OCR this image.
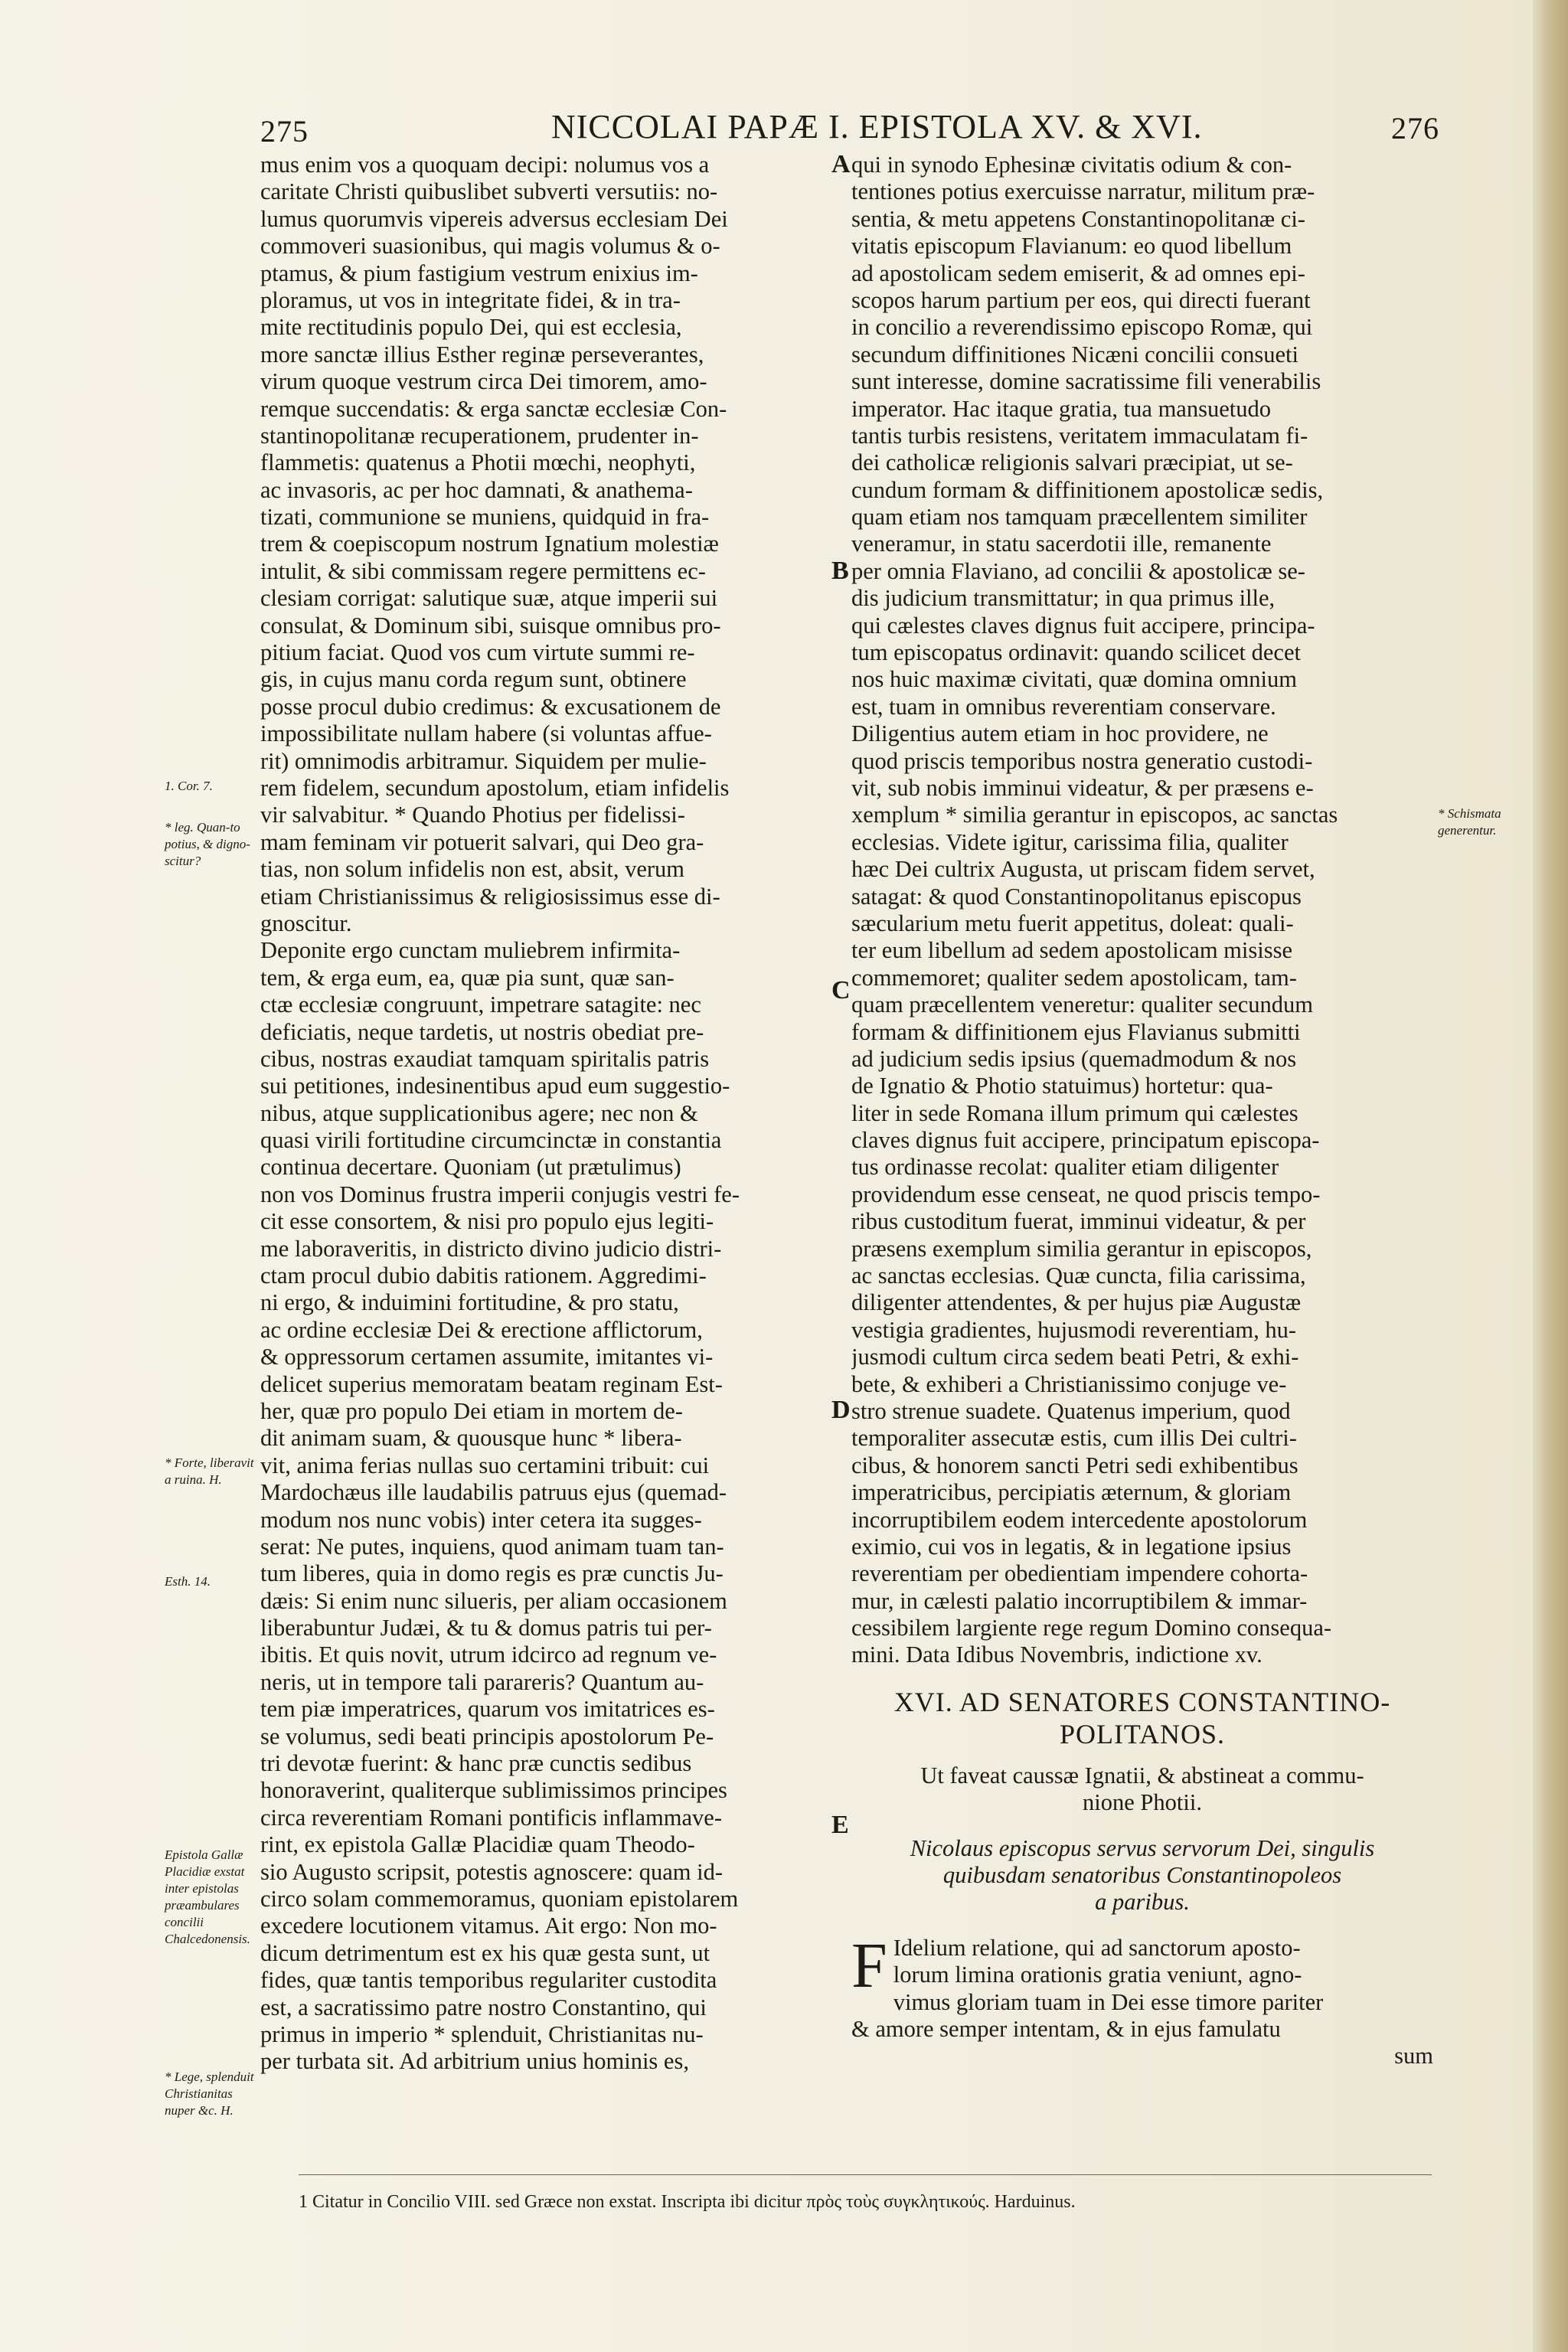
275	NICCOLAI PAPÆ I. EPISTOLA XV. & XVI.	276
mus enim vos a quoquam decipi: nolumus vos a
caritate Christi quibuslibet subverti versutiis: no-
lumus quorumvis vipereis adversus ecclesiam Dei
commoveri suasionibus, qui magis volumus & o-
ptamus, & pium fastigium vestrum enixius im-
ploramus, ut vos in integritate fidei, & in tra-
mite rectitudinis populo Dei, qui est ecclesia,
more sanctæ illius Esther reginæ perseverantes,
virum quoque vestrum circa Dei timorem, amo-
remque succendatis: & erga sanctæ ecclesiæ Con-
stantinopolitanæ recuperationem, prudenter in-
flammetis: quatenus a Photii mœchi, neophyti,
ac invasoris, ac per hoc damnati, & anathema-
tizati, communione se muniens, quidquid in fra-
trem & coepiscopum nostrum Ignatium molestiæ
intulit, & sibi commissam regere permittens ec-
clesiam corrigat: salutique suæ, atque imperii sui
consulat, & Dominum sibi, suisque omnibus pro-
pitium faciat. Quod vos cum virtute summi re-
gis, in cujus manu corda regum sunt, obtinere
posse procul dubio credimus: & excusationem de
impossibilitate nullam habere (si voluntas affue-
rit) omnimodis arbitramur. Siquidem per mulie-
rem fidelem, secundum apostolum, etiam infidelis
vir salvabitur. * Quando Photius per fidelissi-
mam feminam vir potuerit salvari, qui Deo gra-
tias, non solum infidelis non est, absit, verum
etiam Christianissimus & religiosissimus esse di-
gnoscitur.
Deponite ergo cunctam muliebrem infirmita-
tem, & erga eum, ea, quæ pia sunt, quæ san-
ctæ ecclesiæ congruunt, impetrare satagite: nec
deficiatis, neque tardetis, ut nostris obediat pre-
cibus, nostras exaudiat tamquam spiritalis patris
sui petitiones, indesinentibus apud eum suggestio-
nibus, atque supplicationibus agere; nec non &
quasi virili fortitudine circumcinctæ in constantia
continua decertare. Quoniam (ut prætulimus)
non vos Dominus frustra imperii conjugis vestri fe-
cit esse consortem, & nisi pro populo ejus legiti-
me laboraveritis, in districto divino judicio distri-
ctam procul dubio dabitis rationem. Aggredimi-
ni ergo, & induimini fortitudine, & pro statu,
ac ordine ecclesiæ Dei & erectione afflictorum,
& oppressorum certamen assumite, imitantes vi-
delicet superius memoratam beatam reginam Est-
her, quæ pro populo Dei etiam in mortem de-
dit animam suam, & quousque hunc * libera-
vit, anima ferias nullas suo certamini tribuit: cui
Mardochæus ille laudabilis patruus ejus (quemad-
modum nos nunc vobis) inter cetera ita sugges-
serat: Ne putes, inquiens, quod animam tuam tan-
tum liberes, quia in domo regis es præ cunctis Ju-
dæis: Si enim nunc silueris, per aliam occasionem
liberabuntur Judæi, & tu & domus patris tui per-
ibitis. Et quis novit, utrum idcirco ad regnum ve-
neris, ut in tempore tali parareris? Quantum au-
tem piæ imperatrices, quarum vos imitatrices es-
se volumus, sedi beati principis apostolorum Pe-
tri devotæ fuerint: & hanc præ cunctis sedibus
honoraverint, qualiterque sublimissimos principes
circa reverentiam Romani pontificis inflammave-
rint, ex epistola Gallæ Placidiæ quam Theodo-
sio Augusto scripsit, potestis agnoscere: quam id-
circo solam commemoramus, quoniam epistolarem
excedere locutionem vitamus. Ait ergo: Non mo-
dicum detrimentum est ex his quæ gesta sunt, ut
fides, quæ tantis temporibus regulariter custodita
est, a sacratissimo patre nostro Constantino, qui
primus in imperio * splenduit, Christianitas nu-
per turbata sit. Ad arbitrium unius hominis es,
A
B
C
D
E
qui in synodo Ephesinæ civitatis odium & con-
tentiones potius exercuisse narratur, militum præ-
sentia, & metu appetens Constantinopolitanæ ci-
vitatis episcopum Flavianum: eo quod libellum
ad apostolicam sedem emiserit, & ad omnes epi-
scopos harum partium per eos, qui directi fuerant
in concilio a reverendissimo episcopo Romæ, qui
secundum diffinitiones Nicæni concilii consueti
sunt interesse, domine sacratissime fili venerabilis
imperator. Hac itaque gratia, tua mansuetudo
tantis turbis resistens, veritatem immaculatam fi-
dei catholicæ religionis salvari præcipiat, ut se-
cundum formam & diffinitionem apostolicæ sedis,
quam etiam nos tamquam præcellentem similiter
veneramur, in statu sacerdotii ille, remanente
per omnia Flaviano, ad concilii & apostolicæ se-
dis judicium transmittatur; in qua primus ille,
qui cælestes claves dignus fuit accipere, principa-
tum episcopatus ordinavit: quando scilicet decet
nos huic maximæ civitati, quæ domina omnium
est, tuam in omnibus reverentiam conservare.
Diligentius autem etiam in hoc providere, ne
quod priscis temporibus nostra generatio custodi-
vit, sub nobis imminui videatur, & per præsens e-
xemplum * similia gerantur in episcopos, ac sanctas
ecclesias. Videte igitur, carissima filia, qualiter
hæc Dei cultrix Augusta, ut priscam fidem servet,
satagat: & quod Constantinopolitanus episcopus
sæcularium metu fuerit appetitus, doleat: quali-
ter eum libellum ad sedem apostolicam misisse
commemoret; qualiter sedem apostolicam, tam-
quam præcellentem veneretur: qualiter secundum
formam & diffinitionem ejus Flavianus submitti
ad judicium sedis ipsius (quemadmodum & nos
de Ignatio & Photio statuimus) hortetur: qua-
liter in sede Romana illum primum qui cælestes
claves dignus fuit accipere, principatum episcopa-
tus ordinasse recolat: qualiter etiam diligenter
providendum esse censeat, ne quod priscis tempo-
ribus custoditum fuerat, imminui videatur, & per
præsens exemplum similia gerantur in episcopos,
ac sanctas ecclesias. Quæ cuncta, filia carissima,
diligenter attendentes, & per hujus piæ Augustæ
vestigia gradientes, hujusmodi reverentiam, hu-
jusmodi cultum circa sedem beati Petri, & exhi-
bete, & exhiberi a Christianissimo conjuge ve-
stro strenue suadete. Quatenus imperium, quod
temporaliter assecutæ estis, cum illis Dei cultri-
cibus, & honorem sancti Petri sedi exhibentibus
imperatricibus, percipiatis æternum, & gloriam
incorruptibilem eodem intercedente apostolorum
eximio, cui vos in legatis, & in legatione ipsius
reverentiam per obedientiam impendere cohorta-
mur, in cælesti palatio incorruptibilem & immar-
cessibilem largiente rege regum Domino consequa-
mini. Data Idibus Novembris, indictione xv.
XVI. AD SENATORES CONSTANTINO-
POLITANOS.
Ut faveat caussæ Ignatii, & abstineat a commu-
nione Photii.
Nicolaus episcopus servus servorum Dei, singulis
quibusdam senatoribus Constantinopoleos
a paribus.
F Idelium relatione, qui ad sanctorum aposto-
lorum limina orationis gratia veniunt, agno-
vimus gloriam tuam in Dei esse timore pariter
& amore semper intentam, & in ejus famulatu
sum
1. Cor. 7.
* leg. Quan-to potius, & digno-scitur?
* Forte, liberavit a ruina. H.
Esth. 14.
Epistola Gallæ Placidiæ exstat inter epistolas præambulares concilii Chalcedonensis.
* Lege, splenduit Christianitas nuper &c. H.
* Schismata generentur.
1 Citatur in Concilio VIII. sed Græce non exstat. Inscripta ibi dicitur πρὸς τοὺς συγκλητικούς. Harduinus.
